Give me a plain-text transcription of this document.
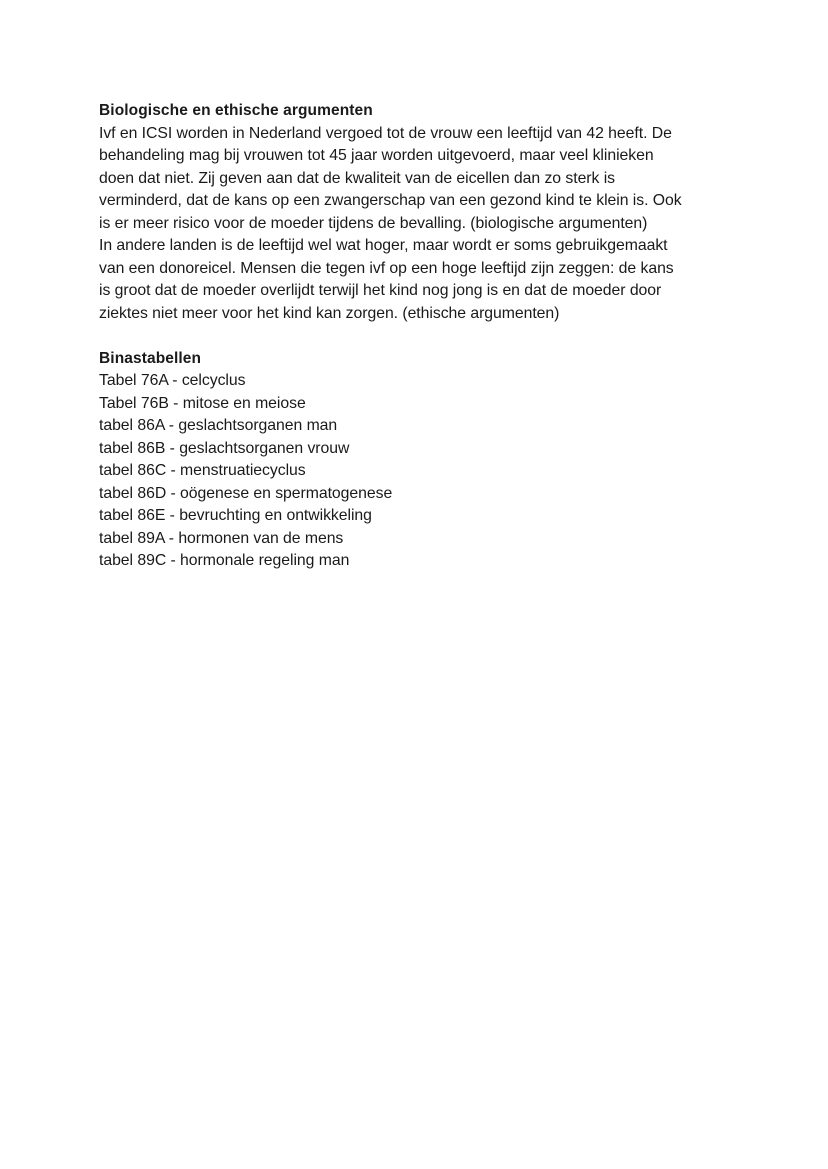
Biologische en ethische argumenten
Ivf en ICSI worden in Nederland vergoed tot de vrouw een leeftijd van 42 heeft. De
behandeling mag bij vrouwen tot 45 jaar worden uitgevoerd, maar veel klinieken
doen dat niet. Zij geven aan dat de kwaliteit van de eicellen dan zo sterk is
verminderd, dat de kans op een zwangerschap van een gezond kind te klein is. Ook
is er meer risico voor de moeder tijdens de bevalling. (biologische argumenten)
In andere landen is de leeftijd wel wat hoger, maar wordt er soms gebruikgemaakt
van een donoreicel. Mensen die tegen ivf op een hoge leeftijd zijn zeggen: de kans
is groot dat de moeder overlijdt terwijl het kind nog jong is en dat de moeder door
ziektes niet meer voor het kind kan zorgen. (ethische argumenten)
Binastabellen
Tabel 76A - celcyclus
Tabel 76B - mitose en meiose
tabel 86A - geslachtsorganen man
tabel 86B - geslachtsorganen vrouw
tabel 86C - menstruatiecyclus
tabel 86D - oögenese en spermatogenese
tabel 86E - bevruchting en ontwikkeling
tabel 89A - hormonen van de mens
tabel 89C - hormonale regeling man
